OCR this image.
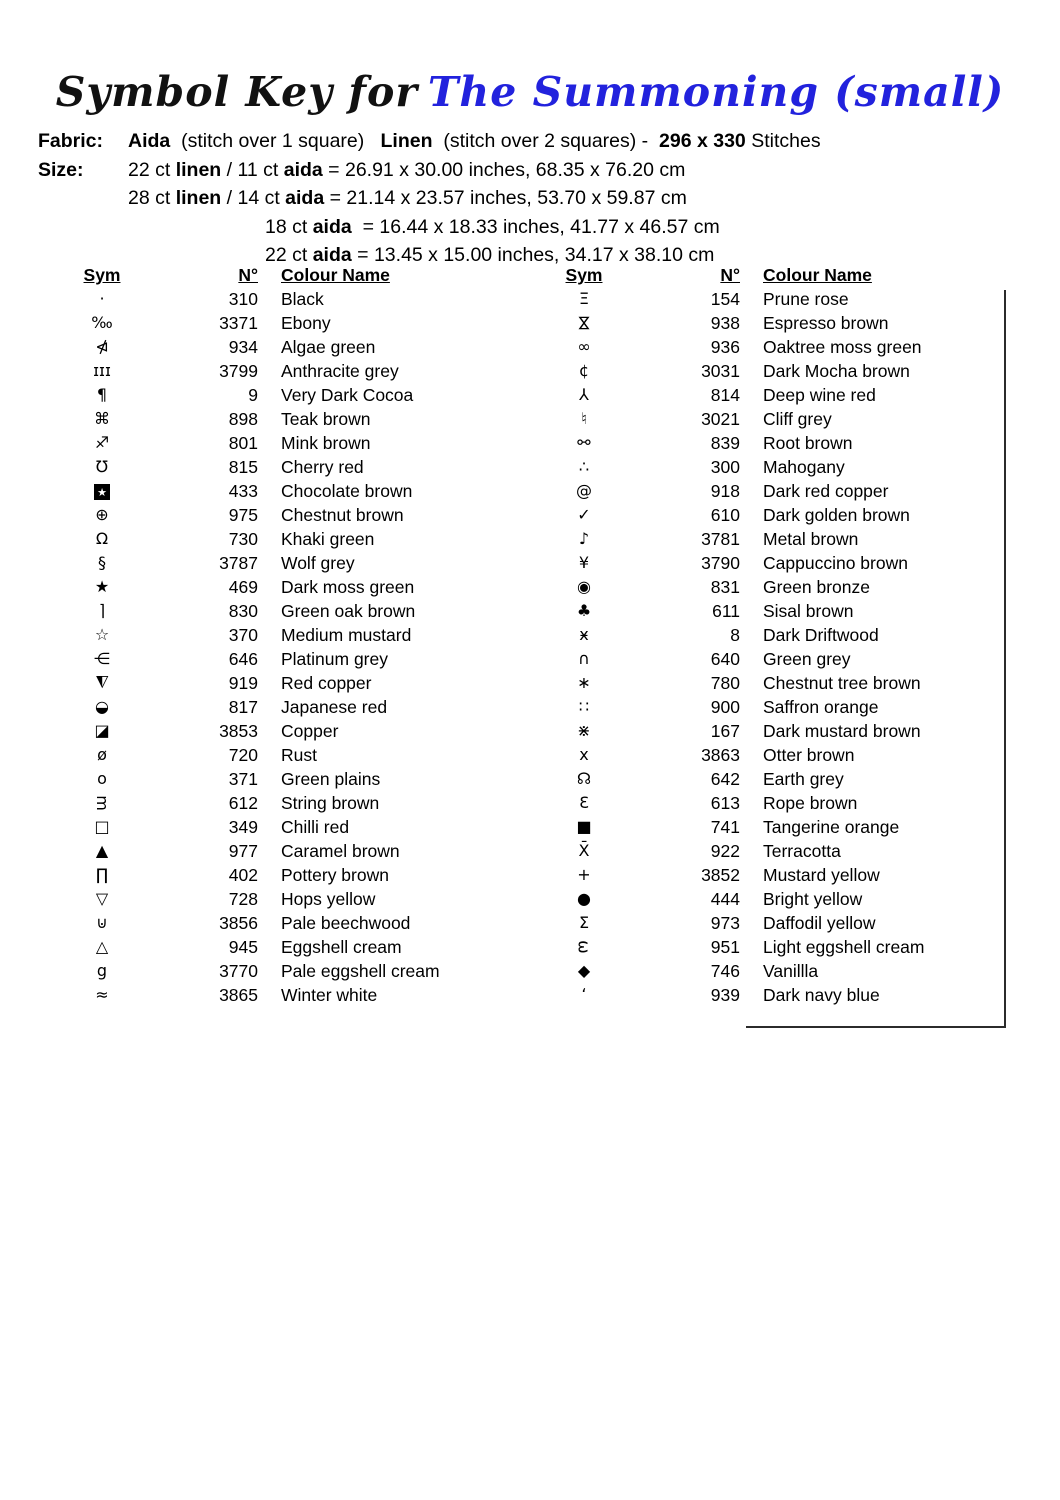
Symbol Key for The Summoning (small)
Fabric:	Aida  (stitch over 1 square)   Linen  (stitch over 2 squares) -  296 x 330 Stitches
Size:	22 ct linen / 11 ct aida = 26.91 x 30.00 inches, 68.35 x 76.20 cm
28 ct linen / 14 ct aida = 21.14 x 23.57 inches, 53.70 x 59.87 cm
18 ct aida  = 16.44 x 18.33 inches, 41.77 x 46.57 cm
22 ct aida = 13.45 x 15.00 inches, 34.17 x 38.10 cm
Sym	N°	Colour Name
·	310	Black
‰	3371	Ebony
⋪	934	Algae green
ɪɪɪ	3799	Anthracite grey
¶	9	Very Dark Cocoa
⌘	898	Teak brown
♐	801	Mink brown
℧	815	Cherry red
★	433	Chocolate brown
⊕	975	Chestnut brown
Ω	730	Khaki green
§	3787	Wolf grey
★	469	Dark moss green
⌉	830	Green oak brown
☆	370	Medium mustard
⋲	646	Platinum grey
◮	919	Red copper
◒	817	Japanese red
◪	3853	Copper
ø	720	Rust
o	371	Green plains
m	612	String brown
□	349	Chilli red
▲	977	Caramel brown
∏	402	Pottery brown
▽	728	Hops yellow
⊍	3856	Pale beechwood
△	945	Eggshell cream
g	3770	Pale eggshell cream
≈	3865	Winter white
Sym	N°	Colour Name
Ξ	154	Prune rose
⋈	938	Espresso brown
∞	936	Oaktree moss green
¢	3031	Dark Mocha brown
⅄	814	Deep wine red
♮	3021	Cliff grey
⚯	839	Root brown
∴	300	Mahogany
@	918	Dark red copper
✓	610	Dark golden brown
♪	3781	Metal brown
¥	3790	Cappuccino brown
◉	831	Green bronze
♣	611	Sisal brown
ӿ	8	Dark Driftwood
∩	640	Green grey
∗	780	Chestnut tree brown
∷	900	Saffron orange
⋇	167	Dark mustard brown
x	3863	Otter brown
☊	642	Earth grey
Ɛ	613	Rope brown
■	741	Tangerine orange
X̄	922	Terracotta
+	3852	Mustard yellow
●	444	Bright yellow
Σ	973	Daffodil yellow
ω	951	Light eggshell cream
◆	746	Vanillla
ʻ	939	Dark navy blue
